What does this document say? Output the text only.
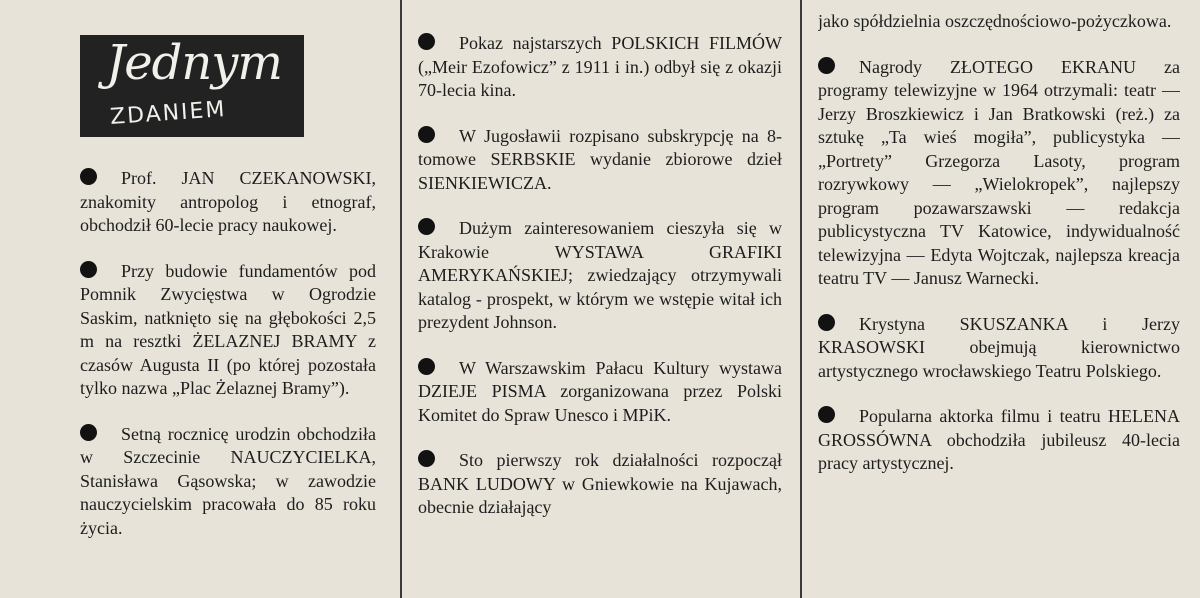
Jednym
ZDANIEM

Prof. JAN CZEKANOWSKI, znakomity antropolog i etnograf, obchodził 60-lecie pracy naukowej.

Przy budowie fundamentów pod Pomnik Zwycięstwa w Ogrodzie Saskim, natknięto się na głębokości 2,5 m na resztki ŻELAZNEJ BRAMY z czasów Augusta II (po której pozostała tylko nazwa „Plac Żelaznej Bramy”).

Setną rocznicę urodzin obchodziła w Szczecinie NAUCZYCIELKA, Stanisława Gąsowska; w zawodzie nauczycielskim pracowała do 85 roku życia.

Pokaz najstarszych POLSKICH FILMÓW („Meir Ezofowicz” z 1911 i in.) odbył się z okazji 70-lecia kina.

W Jugosławii rozpisano subskrypcję na 8-tomowe SERBSKIE wydanie zbiorowe dzieł SIENKIEWICZA.

Dużym zainteresowaniem cieszyła się w Krakowie WYSTAWA GRAFIKI AMERYKAŃSKIEJ; zwiedzający otrzymywali katalog - prospekt, w którym we wstępie witał ich prezydent Johnson.

W Warszawskim Pałacu Kultury wystawa DZIEJE PISMA zorganizowana przez Polski Komitet do Spraw Unesco i MPiK.

Sto pierwszy rok działalności rozpoczął BANK LUDOWY w Gniewkowie na Kujawach, obecnie działający

jako spółdzielnia oszczędnościowo-pożyczkowa.

Nagrody ZŁOTEGO EKRANU za programy telewizyjne w 1964 otrzymali: teatr — Jerzy Broszkiewicz i Jan Bratkowski (reż.) za sztukę „Ta wieś mogiła”, publicystyka — „Portrety” Grzegorza Lasoty, program rozrywkowy — „Wielokropek”, najlepszy program pozawarszawski — redakcja publicystyczna TV Katowice, indywidualność telewizyjna — Edyta Wojtczak, najlepsza kreacja teatru TV — Janusz Warnecki.

Krystyna SKUSZANKA i Jerzy KRASOWSKI obejmują kierownictwo artystycznego wrocławskiego Teatru Polskiego.

Popularna aktorka filmu i teatru HELENA GROSSÓWNA obchodziła jubileusz 40-lecia pracy artystycznej.
